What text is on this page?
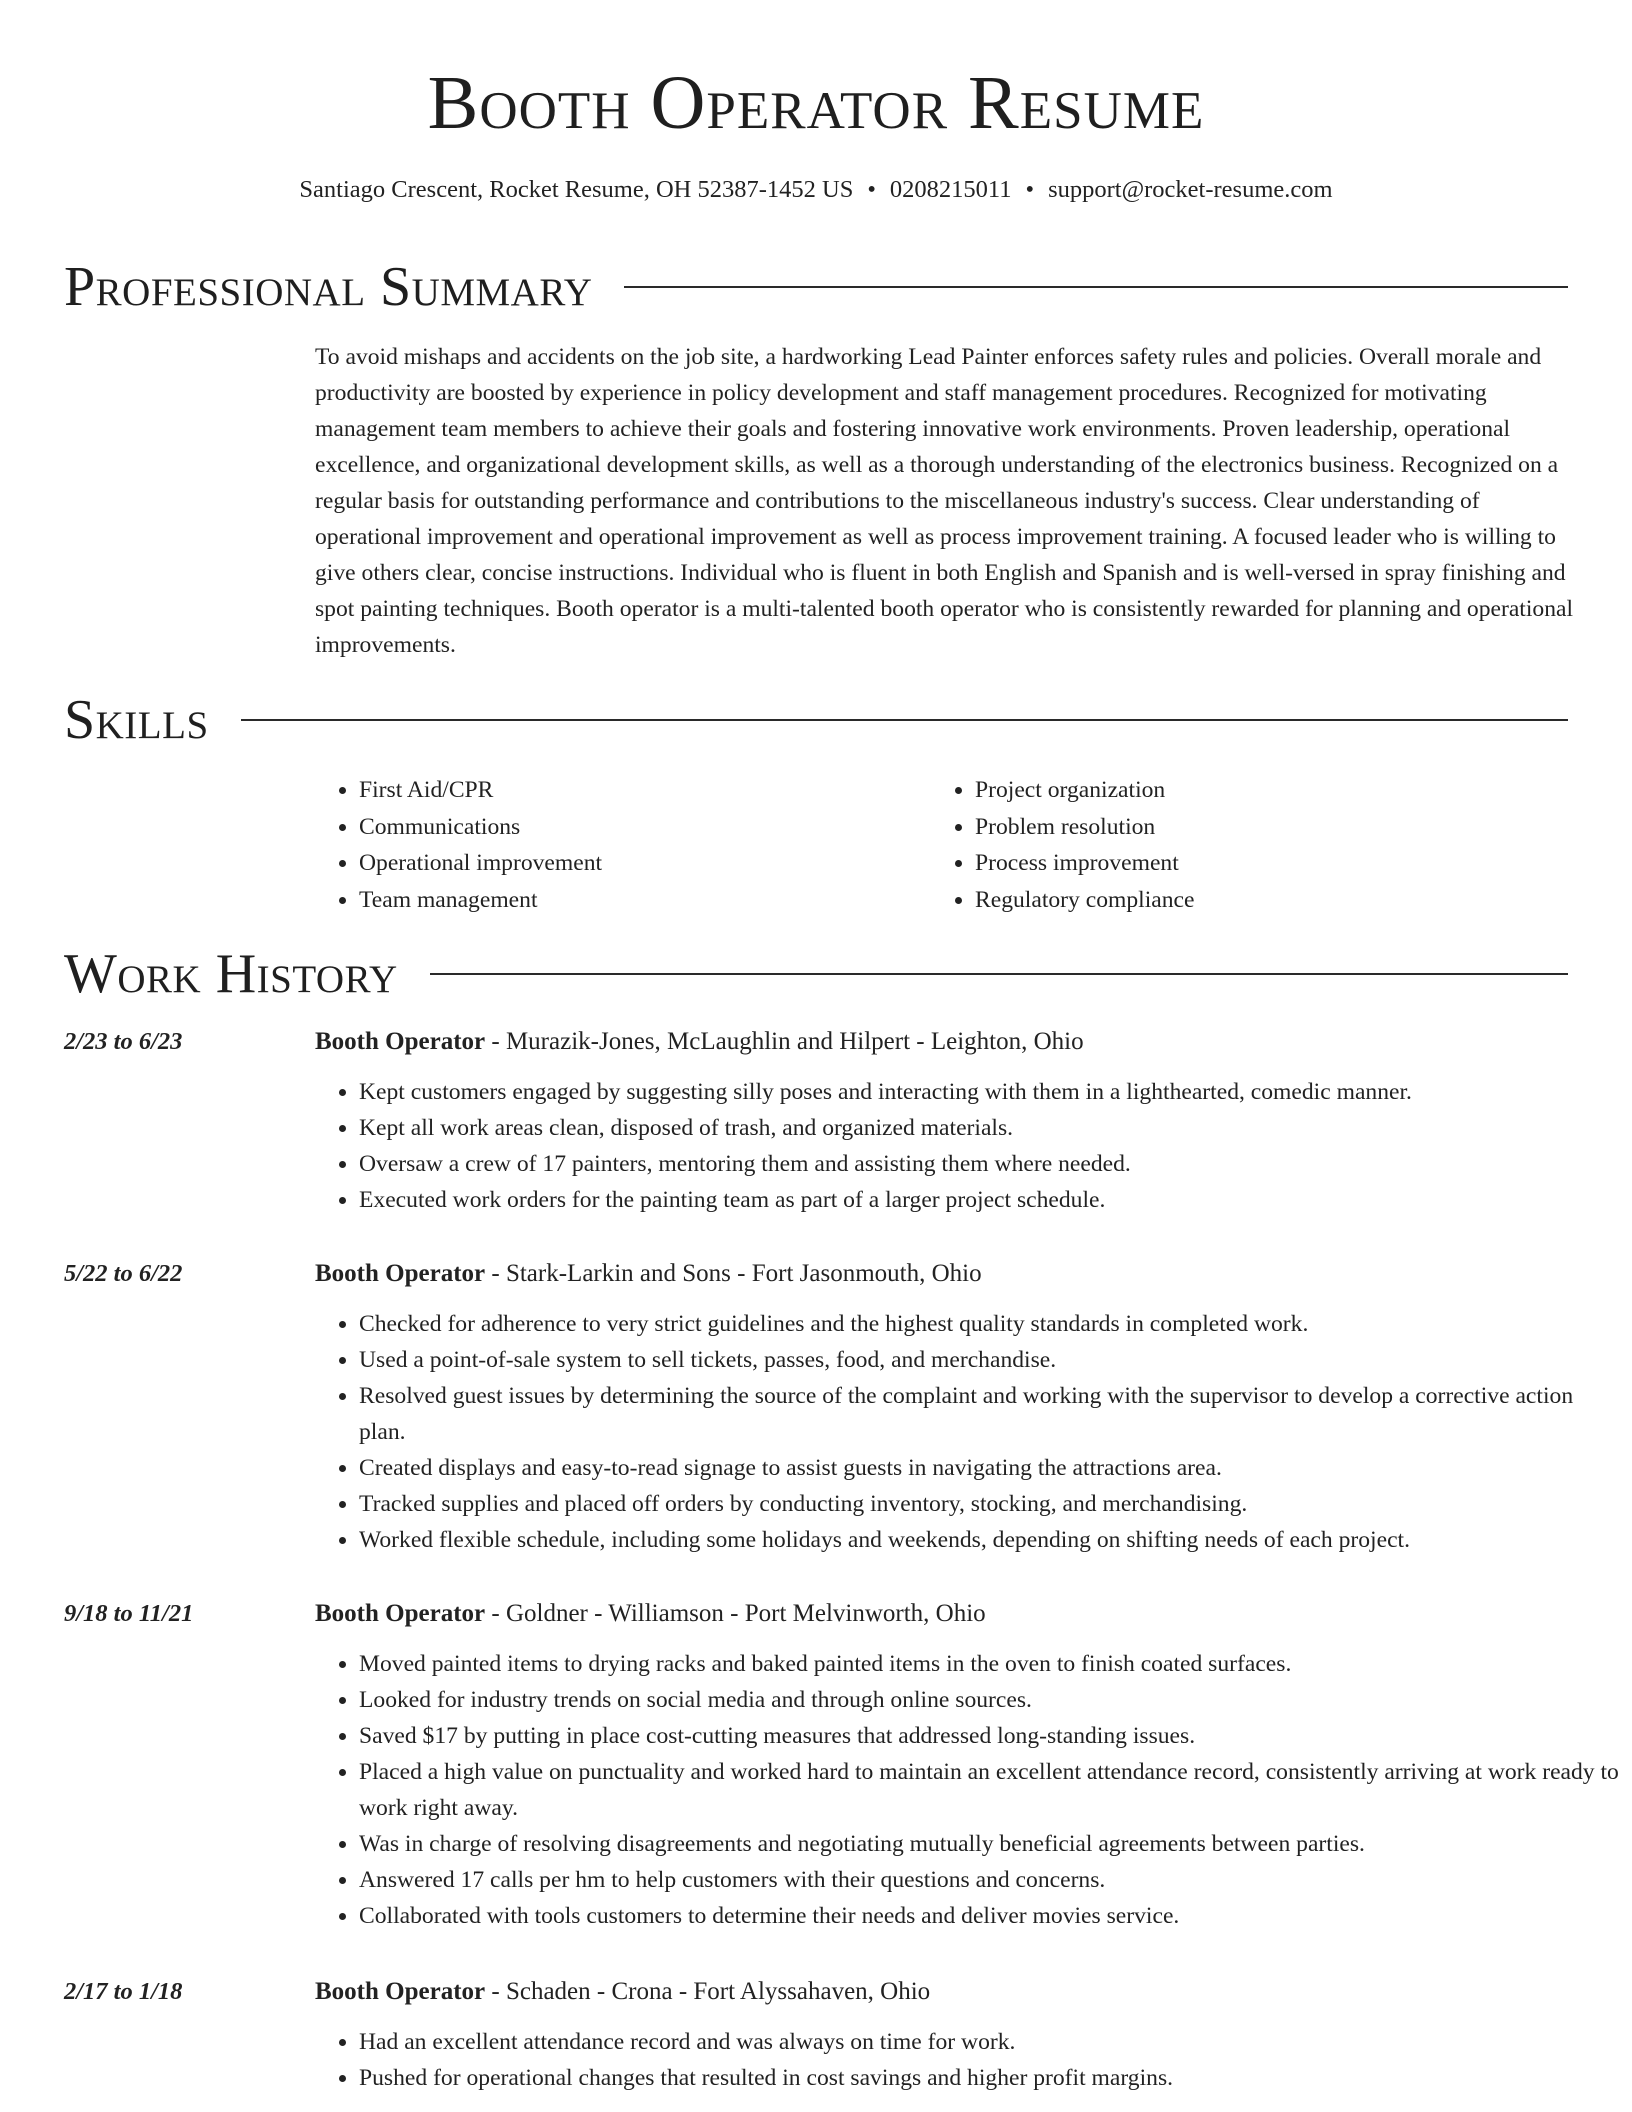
Booth Operator Resume
Santiago Crescent, Rocket Resume, OH 52387-1452 US • 0208215011 • support@rocket-resume.com
Professional Summary

To avoid mishaps and accidents on the job site, a hardworking Lead Painter enforces safety rules and policies. Overall morale and productivity are boosted by experience in policy development and staff management procedures. Recognized for motivating management team members to achieve their goals and fostering innovative work environments. Proven leadership, operational excellence, and organizational development skills, as well as a thorough understanding of the electronics business. Recognized on a regular basis for outstanding performance and contributions to the miscellaneous industry's success. Clear understanding of operational improvement and operational improvement as well as process improvement training. A focused leader who is willing to give others clear, concise instructions. Individual who is fluent in both English and Spanish and is well-versed in spray finishing and spot painting techniques. Booth operator is a multi-talented booth operator who is consistently rewarded for planning and operational improvements.

Skills
• First Aid/CPR
• Communications
• Operational improvement
• Team management
• Project organization
• Problem resolution
• Process improvement
• Regulatory compliance
Work History
2/23 to 6/23	Booth Operator - Murazik-Jones, McLaughlin and Hilpert - Leighton, Ohio
• Kept customers engaged by suggesting silly poses and interacting with them in a lighthearted, comedic manner.
• Kept all work areas clean, disposed of trash, and organized materials.
• Oversaw a crew of 17 painters, mentoring them and assisting them where needed.
• Executed work orders for the painting team as part of a larger project schedule.
5/22 to 6/22	Booth Operator - Stark-Larkin and Sons - Fort Jasonmouth, Ohio
• Checked for adherence to very strict guidelines and the highest quality standards in completed work.
• Used a point-of-sale system to sell tickets, passes, food, and merchandise.
• Resolved guest issues by determining the source of the complaint and working with the supervisor to develop a corrective action plan.
• Created displays and easy-to-read signage to assist guests in navigating the attractions area.
• Tracked supplies and placed off orders by conducting inventory, stocking, and merchandising.
• Worked flexible schedule, including some holidays and weekends, depending on shifting needs of each project.
9/18 to 11/21	Booth Operator - Goldner - Williamson - Port Melvinworth, Ohio
• Moved painted items to drying racks and baked painted items in the oven to finish coated surfaces.
• Looked for industry trends on social media and through online sources.
• Saved $17 by putting in place cost-cutting measures that addressed long-standing issues.
• Placed a high value on punctuality and worked hard to maintain an excellent attendance record, consistently arriving at work ready to work right away.
• Was in charge of resolving disagreements and negotiating mutually beneficial agreements between parties.
• Answered 17 calls per hm to help customers with their questions and concerns.
• Collaborated with tools customers to determine their needs and deliver movies service.
2/17 to 1/18	Booth Operator - Schaden - Crona - Fort Alyssahaven, Ohio
• Had an excellent attendance record and was always on time for work.
• Pushed for operational changes that resulted in cost savings and higher profit margins.
